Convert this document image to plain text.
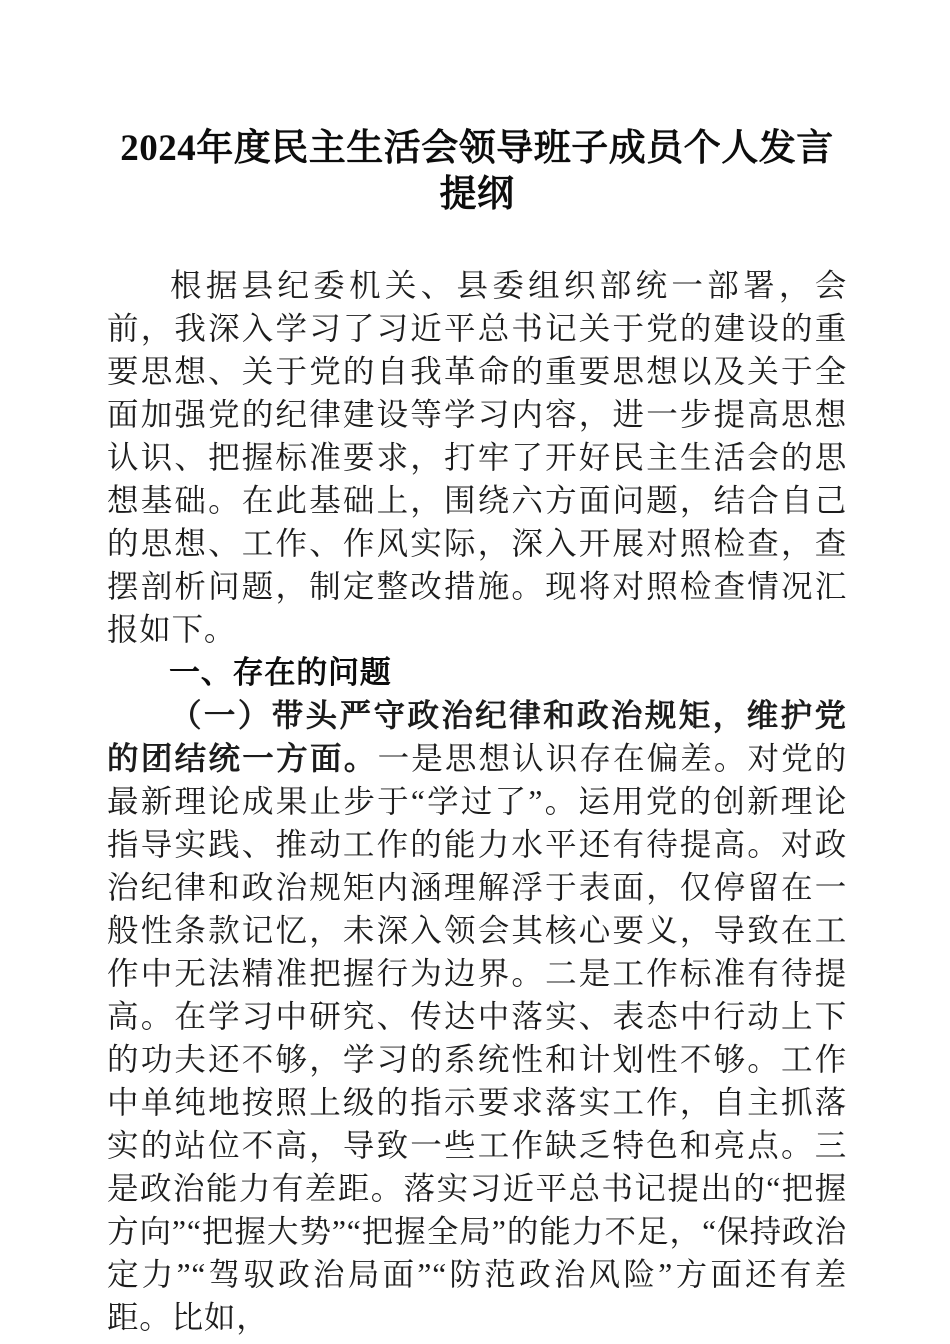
2024年度民主生活会领导班子成员个人发言提纲

根据县纪委机关、县委组织部统一部署，会前，我深入学习了习近平总书记关于党的建设的重要思想、关于党的自我革命的重要思想以及关于全面加强党的纪律建设等学习内容，进一步提高思想认识、把握标准要求，打牢了开好民主生活会的思想基础。在此基础上，围绕六方面问题，结合自己的思想、工作、作风实际，深入开展对照检查，查摆剖析问题，制定整改措施。现将对照检查情况汇报如下。

一、存在的问题

（一）带头严守政治纪律和政治规矩，维护党的团结统一方面。一是思想认识存在偏差。对党的最新理论成果止步于“学过了”。运用党的创新理论指导实践、推动工作的能力水平还有待提高。对政治纪律和政治规矩内涵理解浮于表面，仅停留在一般性条款记忆，未深入领会其核心要义，导致在工作中无法精准把握行为边界。二是工作标准有待提高。在学习中研究、传达中落实、表态中行动上下的功夫还不够，学习的系统性和计划性不够。工作中单纯地按照上级的指示要求落实工作，自主抓落实的站位不高，导致一些工作缺乏特色和亮点。三是政治能力有差距。落实习近平总书记提出的“把握方向”“把握大势”“把握全局”的能力不足，“保持政治定力”“驾驭政治局面”“防范政治风险”方面还有差距。比如，
